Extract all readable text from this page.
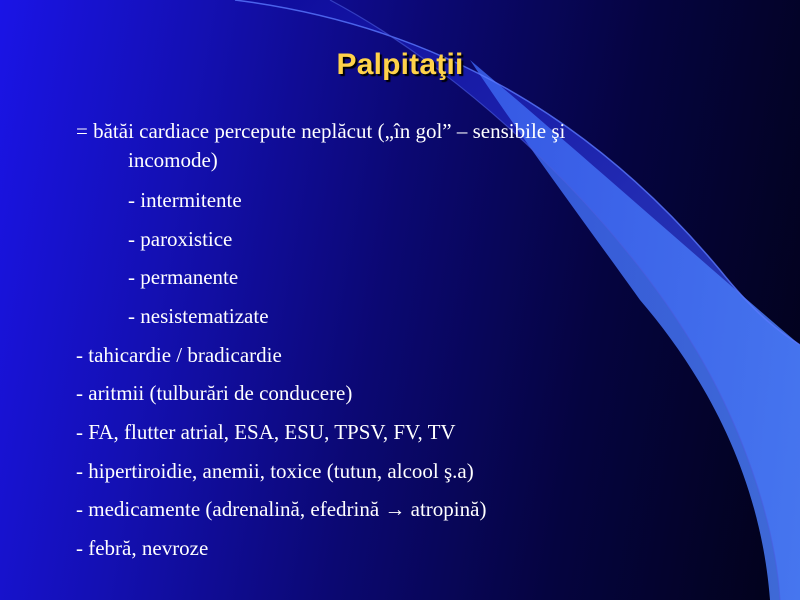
Palpitaţii
= bătăi cardiace percepute neplăcut („în gol” – sensibile şi
incomode)
- intermitente
- paroxistice
- permanente
- nesistematizate
- tahicardie / bradicardie
- aritmii (tulburări de conducere)
- FA, flutter atrial, ESA, ESU, TPSV, FV, TV
- hipertiroidie, anemii, toxice (tutun, alcool ş.a)
- medicamente (adrenalină, efedrină → atropină)
- febră, nevroze
